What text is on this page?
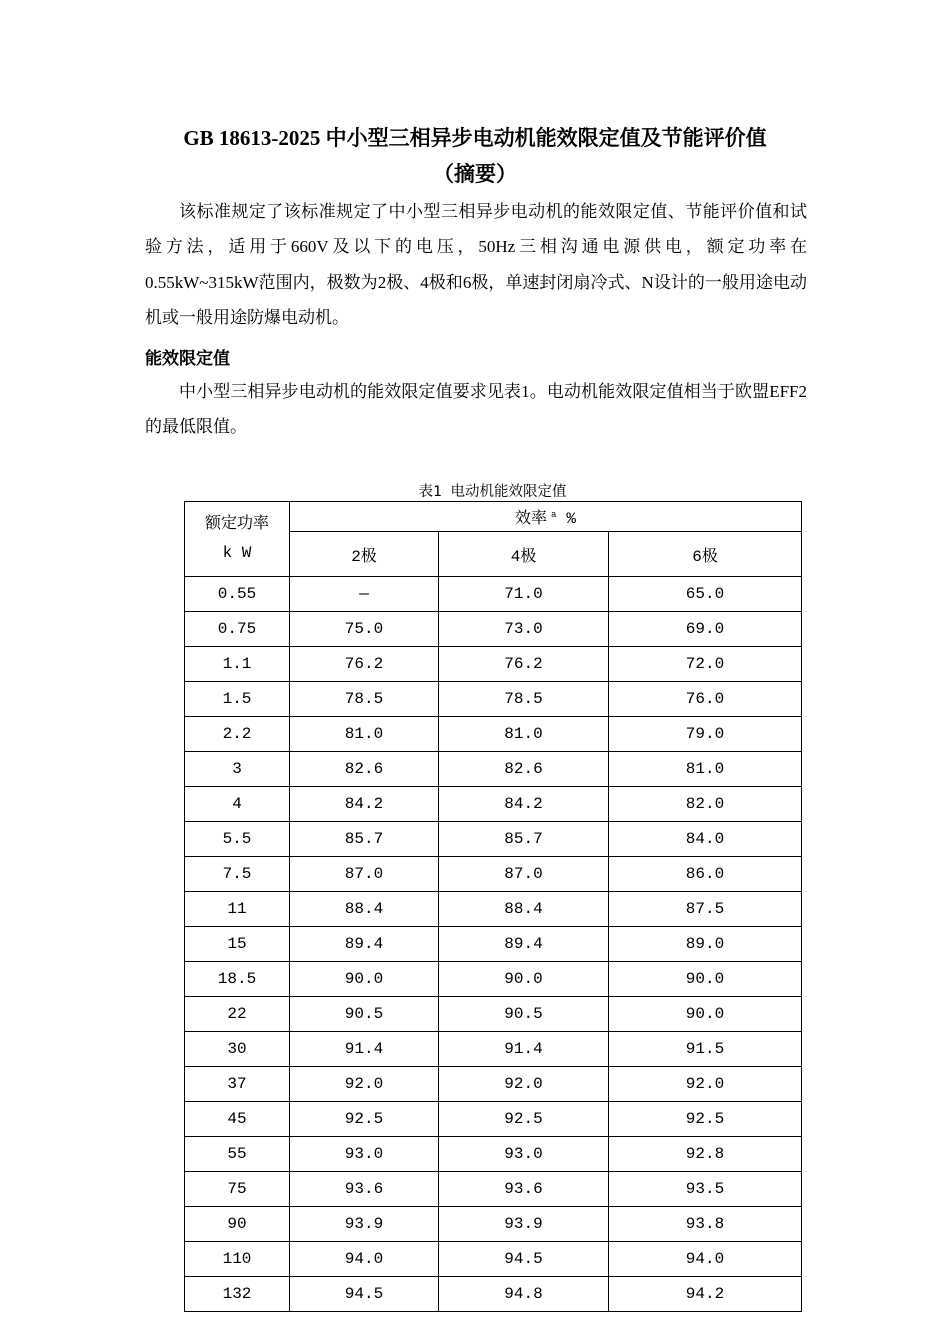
GB 18613-2025 中小型三相异步电动机能效限定值及节能评价值
（摘要）

该标准规定了该标准规定了中小型三相异步电动机的能效限定值、节能评价值和试验方法，适用于660V及以下的电压，50Hz三相沟通电源供电，额定功率在0.55kW~315kW范围内，极数为2极、4极和6极，单速封闭扇冷式、N设计的一般用途电动机或一般用途防爆电动机。

能效限定值

中小型三相异步电动机的能效限定值要求见表1。电动机能效限定值相当于欧盟EFF2的最低限值。

表1 电动机能效限定值
额定功率
k W	效率 $^a$ %		
	2极	4极	6极
0.55	—	71.0	65.0
0.75	75.0	73.0	69.0
1.1	76.2	76.2	72.0
1.5	78.5	78.5	76.0
2.2	81.0	81.0	79.0
3	82.6	82.6	81.0
4	84.2	84.2	82.0
5.5	85.7	85.7	84.0
7.5	87.0	87.0	86.0
11	88.4	88.4	87.5
15	89.4	89.4	89.0
18.5	90.0	90.0	90.0
22	90.5	90.5	90.0
30	91.4	91.4	91.5
37	92.0	92.0	92.0
45	92.5	92.5	92.5
55	93.0	93.0	92.8
75	93.6	93.6	93.5
90	93.9	93.9	93.8
110	94.0	94.5	94.0
132	94.5	94.8	94.2
